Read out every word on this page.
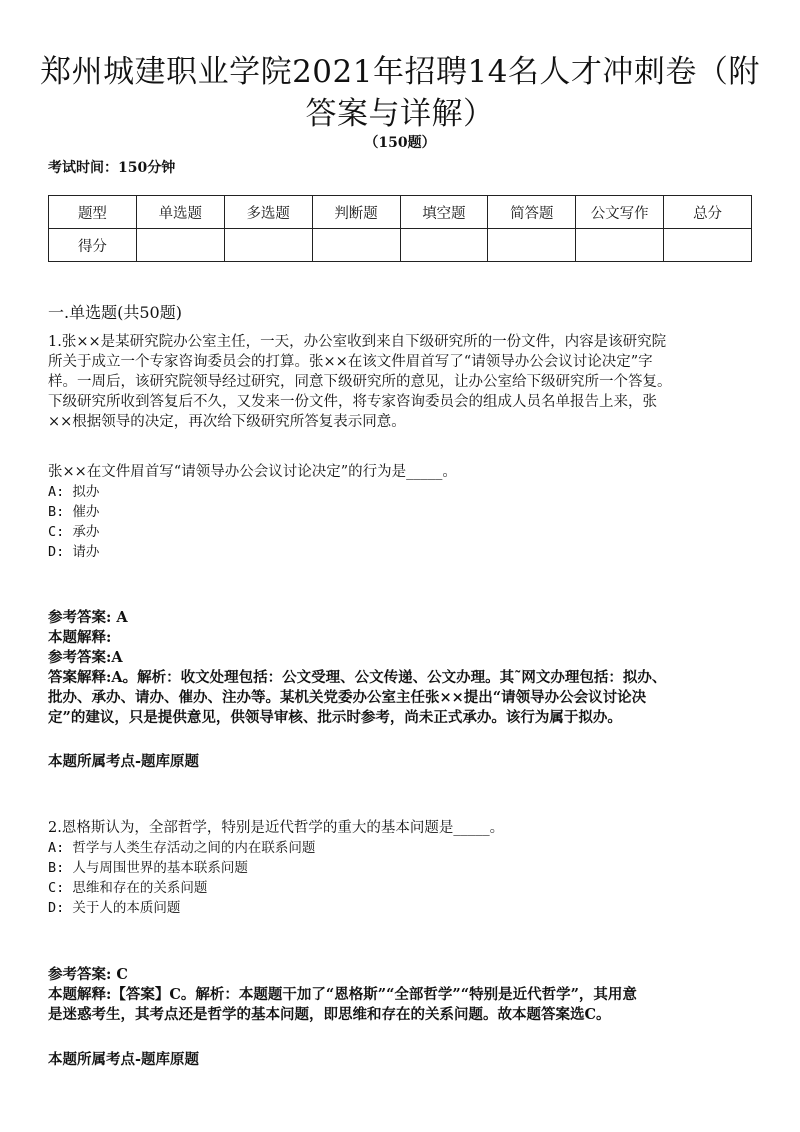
郑州城建职业学院2021年招聘14名人才冲刺卷（附
答案与详解）
（150题）
考试时间：150分钟
题型	单选题	多选题	判断题	填空题	简答题	公文写作	总分
得分							
一.单选题(共50题)
1.张××是某研究院办公室主任，一天，办公室收到来自下级研究所的一份文件，内容是该研究院
所关于成立一个专家咨询委员会的打算。张××在该文件眉首写了“请领导办公会议讨论决定”字
样。一周后，该研究院领导经过研究，同意下级研究所的意见，让办公室给下级研究所一个答复。
下级研究所收到答复后不久，又发来一份文件，将专家咨询委员会的组成人员名单报告上来，张
××根据领导的决定，再次给下级研究所答复表示同意。
张××在文件眉首写“请领导办公会议讨论决定”的行为是_____。
A: 拟办
B: 催办
C: 承办
D: 请办
参考答案: A
本题解释:
参考答案:A
答案解释:A。解析：收文处理包括：公文受理、公文传递、公文办理。其˜网文办理包括：拟办、
批办、承办、请办、催办、注办等。某机关党委办公室主任张××提出“请领导办公会议讨论决
定”的建议，只是提供意见，供领导审核、批示时参考，尚未正式承办。该行为属于拟办。
本题所属考点-题库原题
2.恩格斯认为，全部哲学，特别是近代哲学的重大的基本问题是_____。
A: 哲学与人类生存活动之间的内在联系问题
B: 人与周围世界的基本联系问题
C: 思维和存在的关系问题
D: 关于人的本质问题
参考答案: C
本题解释:【答案】C。解析：本题题干加了“恩格斯”“全部哲学”“特别是近代哲学”，其用意
是迷惑考生，其考点还是哲学的基本问题，即思维和存在的关系问题。故本题答案选C。
本题所属考点-题库原题
